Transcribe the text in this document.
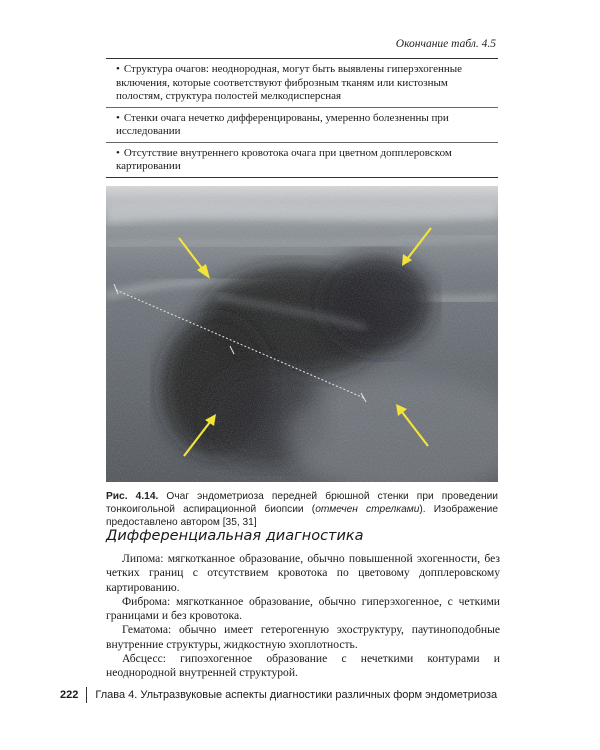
Окончание табл. 4.5
• Структура очагов: неоднородная, могут быть выявлены гиперэхогенные включения, которые соответствуют фиброзным тканям или кистозным полостям, структура полостей мелкодисперсная
• Стенки очага нечетко дифференцированы, умеренно болезненны при исследовании
• Отсутствие внутреннего кровотока очага при цветном допплеровском картировании
Рис. 4.14. Очаг эндометриоза передней брюшной стенки при проведении тонкоигольной аспирационной биопсии (отмечен стрелками). Изображение предоставлено автором [35, 31]
Дифференциальная диагностика

Липома: мягкотканное образование, обычно повышенной эхогенности, без четких границ с отсутствием кровотока по цветовому допплеровскому картированию.

Фиброма: мягкотканное образование, обычно гиперэхогенное, с четкими границами и без кровотока.

Гематома: обычно имеет гетерогенную эхоструктуру, паутиноподобные внутренние структуры, жидкостную эхоплотность.

Абсцесс: гипоэхогенное образование с нечеткими контурами и неоднородной внутренней структурой.

222	Глава 4. Ультразвуковые аспекты диагностики различных форм эндометриоза
